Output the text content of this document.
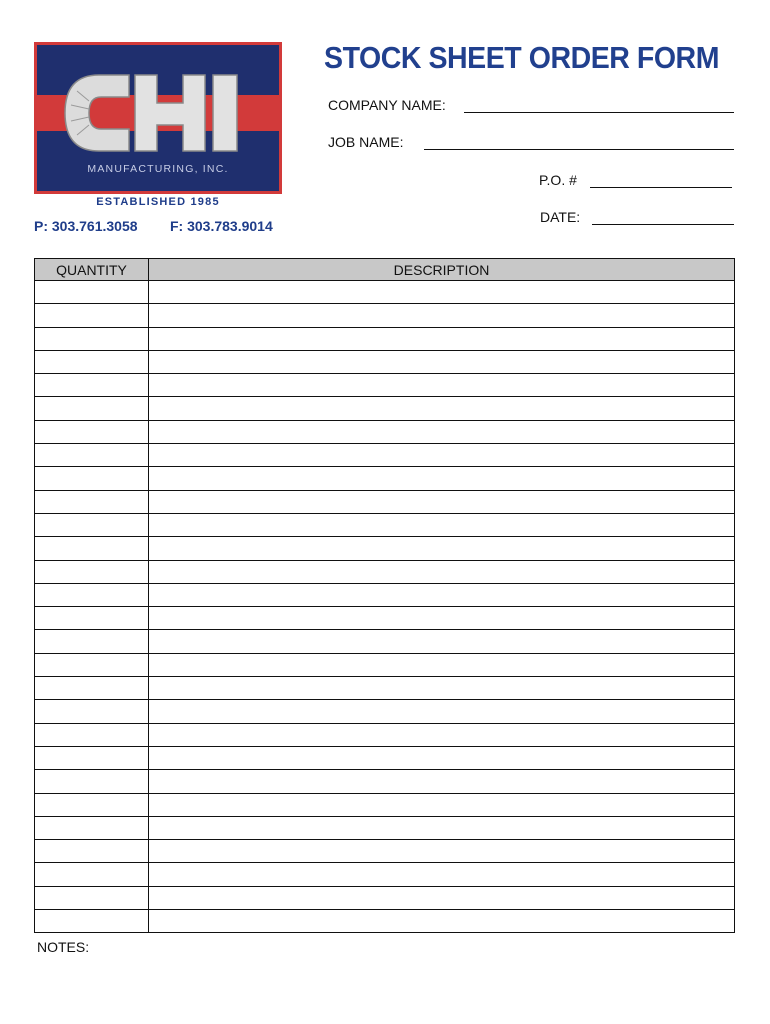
MANUFACTURING, INC.
ESTABLISHED 1985
P: 303.761.3058 F: 303.783.9014
STOCK SHEET ORDER FORM
COMPANY NAME:
JOB NAME:
P.O. #
DATE:
QUANTITY	DESCRIPTION

NOTES:
